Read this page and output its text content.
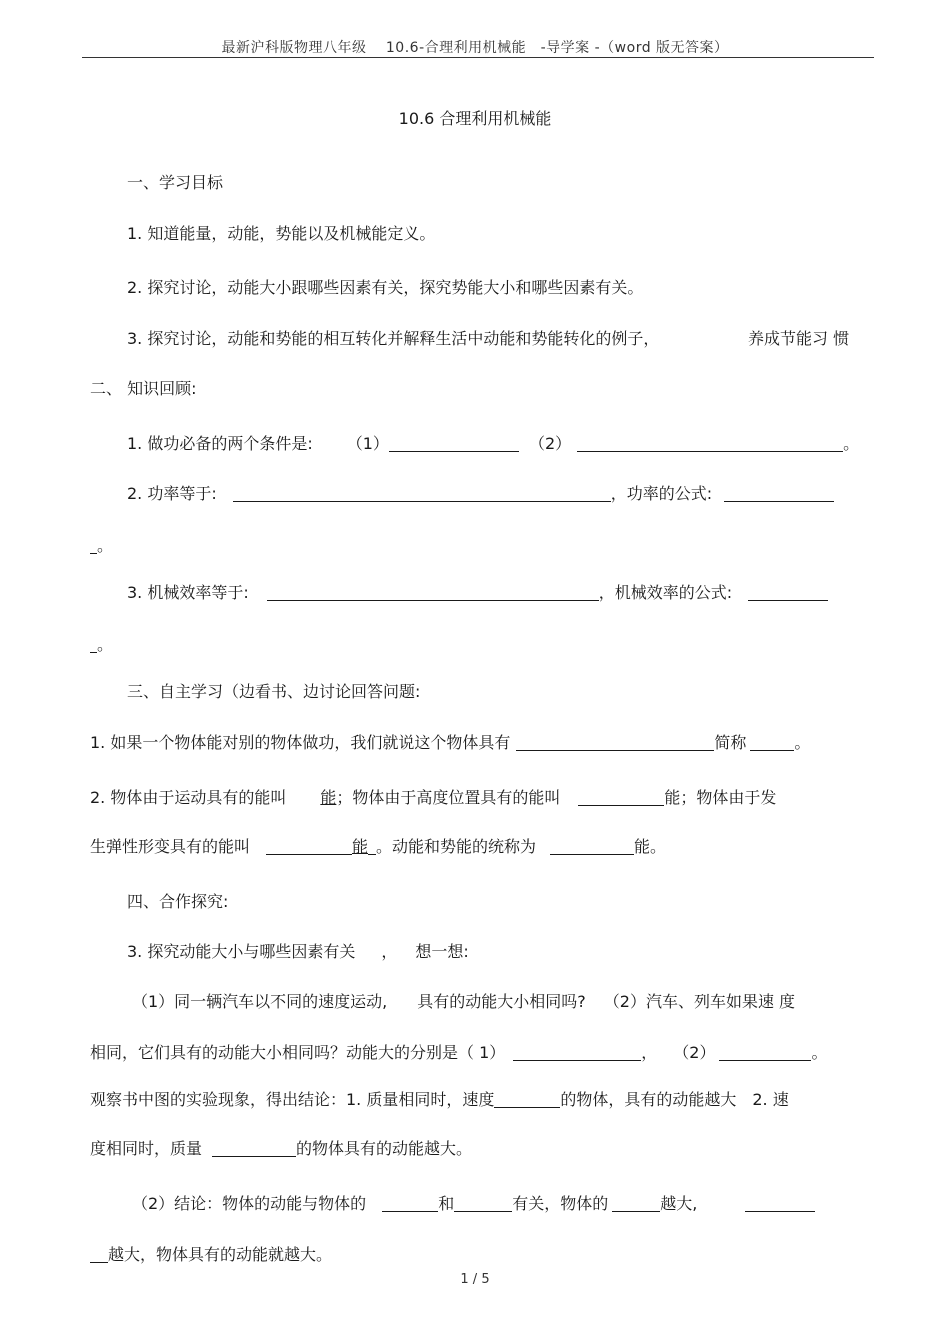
最新沪科版物理八年级　 10.6-合理利用机械能　-导学案 -（word 版无答案）
10.6 合理利用机械能
一、学习目标
1. 知道能量，动能，势能以及机械能定义。
2. 探究讨论，动能大小跟哪些因素有关，探究势能大小和哪些因素有关。
3. 探究讨论，动能和势能的相互转化并解释生活中动能和势能转化的例子，	养成节能习 惯
二、 知识回顾:
1. 做功必备的两个条件是: （1）	（2）	。
2. 功率等于:	，功率的公式:
。
3. 机械效率等于:	，机械效率的公式:
。
三、自主学习（边看书、边讨论回答问题:
1. 如果一个物体能对别的物体做功，我们就说这个物体具有	简称	。
2. 物体由于运动具有的能叫 能；物体由于高度位置具有的能叫	能；物体由于发
生弹性形变具有的能叫	能 。动能和势能的统称为	能。
四、合作探究:
3. 探究动能大小与哪些因素有关 ， 想一想:
（1）同一辆汽车以不同的速度运动, 具有的动能大小相同吗? （2）汽车、列车如果速 度
相同，它们具有的动能大小相同吗？动能大的分别是（ 1）	， （2）	。
观察书中图的实验现象，得出结论：1. 质量相同时，速度	的物体，具有的动能越大 2. 速
度相同时，质量	的物体具有的动能越大。
（2）结论：物体的动能与物体的	和	有关，物体的	越大,
越大，物体具有的动能就越大。
1 / 5
